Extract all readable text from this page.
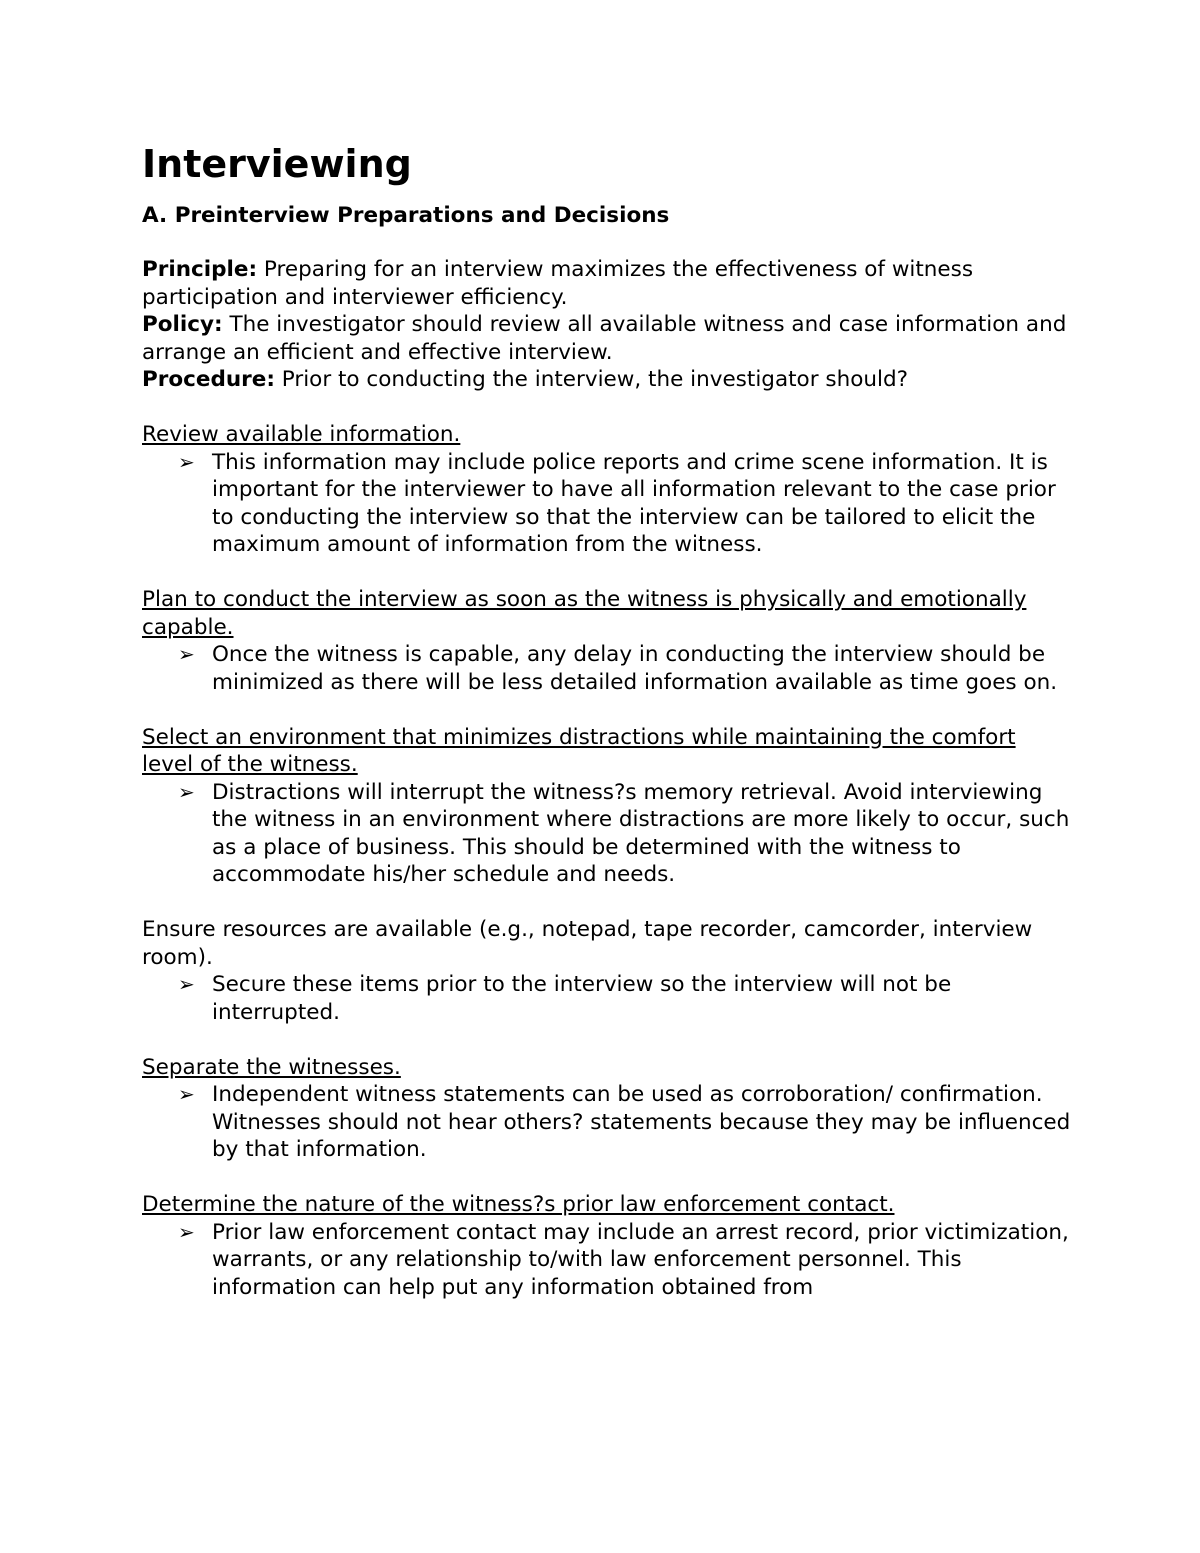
Interviewing
A. Preinterview Preparations and Decisions

Principle: Preparing for an interview maximizes the effectiveness of witness participation and interviewer efficiency.

Policy: The investigator should review all available witness and case information and arrange an efficient and effective interview.

Procedure: Prior to conducting the interview, the investigator should?

Review available information.

➢ This information may include police reports and crime scene information. It is important for the interviewer to have all information relevant to the case prior to conducting the interview so that the interview can be tailored to elicit the maximum amount of information from the witness.

Plan to conduct the interview as soon as the witness is physically and emotionally capable.

➢ Once the witness is capable, any delay in conducting the interview should be minimized as there will be less detailed information available as time goes on.

Select an environment that minimizes distractions while maintaining the comfort level of the witness.

➢ Distractions will interrupt the witness?s memory retrieval. Avoid interviewing the witness in an environment where distractions are more likely to occur, such as a place of business. This should be determined with the witness to accommodate his/her schedule and needs.

Ensure resources are available (e.g., notepad, tape recorder, camcorder, interview room).

➢ Secure these items prior to the interview so the interview will not be interrupted.

Separate the witnesses.

➢ Independent witness statements can be used as corroboration/ confirmation. Witnesses should not hear others? statements because they may be influenced by that information.

Determine the nature of the witness?s prior law enforcement contact.

➢ Prior law enforcement contact may include an arrest record, prior victimization, warrants, or any relationship to/with law enforcement personnel. This information can help put any information obtained from
